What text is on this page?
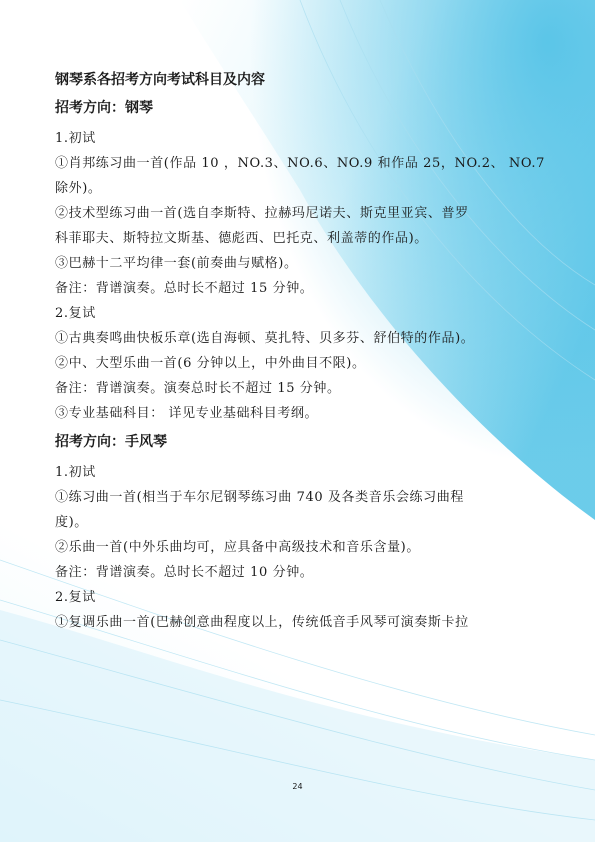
钢琴系各招考方向考试科目及内容
招考方向：钢琴

1.初试

①肖邦练习曲一首(作品 10 ，NO.3、NO.6、NO.9 和作品 25，NO.2、 NO.7

除外)。

②技术型练习曲一首(选自李斯特、拉赫玛尼诺夫、斯克里亚宾、普罗

科菲耶夫、斯特拉文斯基、德彪西、巴托克、利盖蒂的作品)。

③巴赫十二平均律一套(前奏曲与赋格)。

备注：背谱演奏。总时长不超过 15 分钟。

2.复试

①古典奏鸣曲快板乐章(选自海顿、莫扎特、贝多芬、舒伯特的作品)。

②中、大型乐曲一首(6 分钟以上，中外曲目不限)。

备注：背谱演奏。演奏总时长不超过 15 分钟。

③专业基础科目： 详见专业基础科目考纲。

招考方向：手风琴

1.初试

①练习曲一首(相当于车尔尼钢琴练习曲 740 及各类音乐会练习曲程

度)。

②乐曲一首(中外乐曲均可，应具备中高级技术和音乐含量)。

备注：背谱演奏。总时长不超过 10 分钟。

2.复试

①复调乐曲一首(巴赫创意曲程度以上，传统低音手风琴可演奏斯卡拉

24
